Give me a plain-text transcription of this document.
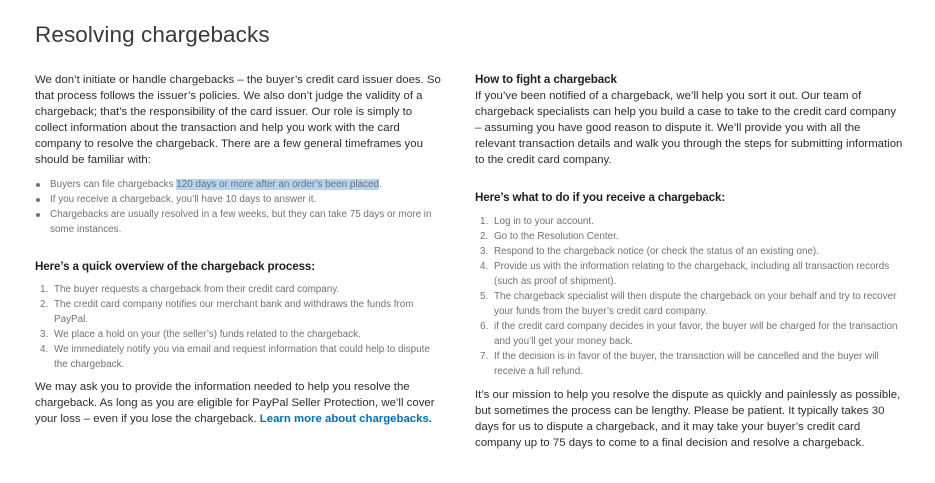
Resolving chargebacks

We don’t initiate or handle chargebacks – the buyer’s credit card issuer does. So that process follows the issuer’s policies. We also don’t judge the validity of a chargeback; that’s the responsibility of the card issuer. Our role is simply to collect information about the transaction and help you work with the card company to resolve the chargeback. There are a few general timeframes you should be familiar with:

Buyers can file chargebacks 120 days or more after an order’s been placed.
If you receive a chargeback, you’ll have 10 days to answer it.
Chargebacks are usually resolved in a few weeks, but they can take 75 days or more in some instances.
Here’s a quick overview of the chargeback process:
1. The buyer requests a chargeback from their credit card company.
2. The credit card company notifies our merchant bank and withdraws the funds from PayPal.
3. We place a hold on your (the seller’s) funds related to the chargeback.
4. We immediately notify you via email and request information that could help to dispute the chargeback.

We may ask you to provide the information needed to help you resolve the chargeback. As long as you are eligible for PayPal Seller Protection, we’ll cover your loss – even if you lose the chargeback. Learn more about chargebacks.

How to fight a chargeback

If you’ve been notified of a chargeback, we’ll help you sort it out. Our team of chargeback specialists can help you build a case to take to the credit card company – assuming you have good reason to dispute it. We’ll provide you with all the relevant transaction details and walk you through the steps for submitting information to the credit card company.

Here’s what to do if you receive a chargeback:
1. Log in to your account.
2. Go to the Resolution Center.
3. Respond to the chargeback notice (or check the status of an existing one).
4. Provide us with the information relating to the chargeback, including all transaction records (such as proof of shipment).
5. The chargeback specialist will then dispute the chargeback on your behalf and try to recover your funds from the buyer’s credit card company.
6. if the credit card company decides in your favor, the buyer will be charged for the transaction and you’ll get your money back.
7. If the decision is in favor of the buyer, the transaction will be cancelled and the buyer will receive a full refund.

It’s our mission to help you resolve the dispute as quickly and painlessly as possible, but sometimes the process can be lengthy. Please be patient. It typically takes 30 days for us to dispute a chargeback, and it may take your buyer’s credit card company up to 75 days to come to a final decision and resolve a chargeback.
